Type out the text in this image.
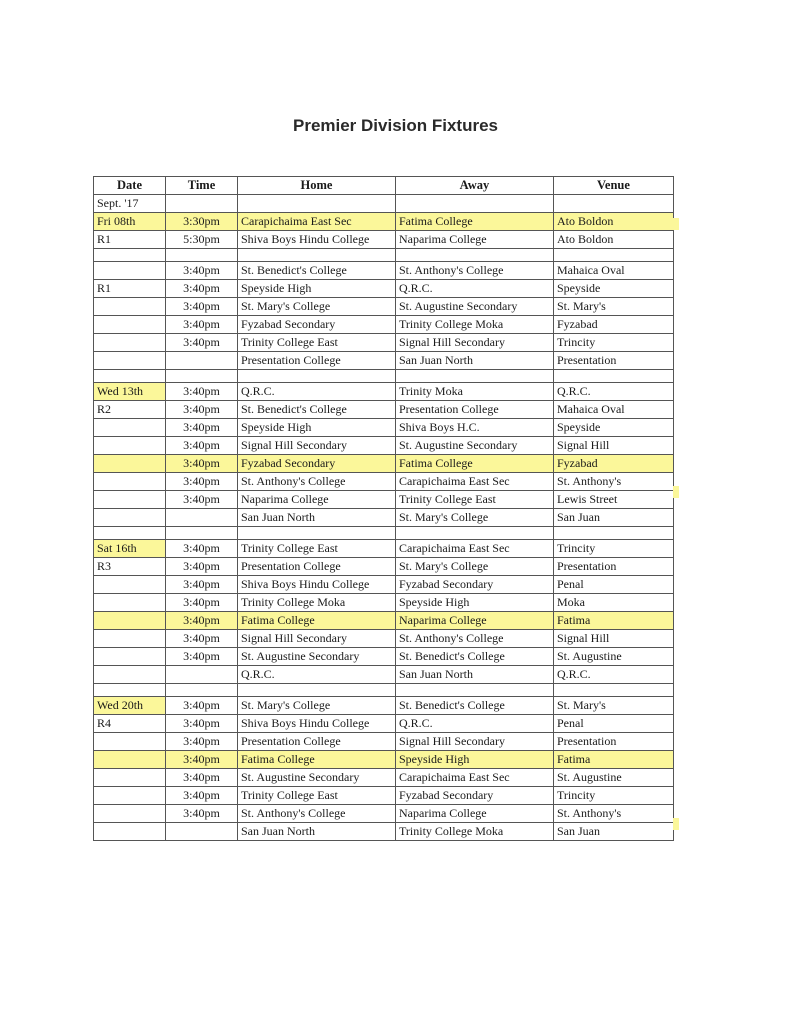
Premier Division Fixtures
Date	Time	Home	Away	Venue
Sept. '17				
Fri 08th	3:30pm	Carapichaima East Sec	Fatima College	Ato Boldon
R1	5:30pm	Shiva Boys Hindu College	Naparima College	Ato Boldon

	3:40pm	St. Benedict's College	St. Anthony's College	Mahaica Oval
R1	3:40pm	Speyside High	Q.R.C.	Speyside
	3:40pm	St. Mary's College	St. Augustine Secondary	St. Mary's
	3:40pm	Fyzabad Secondary	Trinity College Moka	Fyzabad
	3:40pm	Trinity College East	Signal Hill Secondary	Trincity
		Presentation College	San Juan North	Presentation

Wed 13th	3:40pm	Q.R.C.	Trinity Moka	Q.R.C.
R2	3:40pm	St. Benedict's College	Presentation College	Mahaica Oval
	3:40pm	Speyside High	Shiva Boys H.C.	Speyside
	3:40pm	Signal Hill Secondary	St. Augustine Secondary	Signal Hill
	3:40pm	Fyzabad Secondary	Fatima College	Fyzabad
	3:40pm	St. Anthony's College	Carapichaima East Sec	St. Anthony's
	3:40pm	Naparima College	Trinity College East	Lewis Street
		San Juan North	St. Mary's College	San Juan

Sat 16th	3:40pm	Trinity College East	Carapichaima East Sec	Trincity
R3	3:40pm	Presentation College	St. Mary's College	Presentation
	3:40pm	Shiva Boys Hindu College	Fyzabad Secondary	Penal
	3:40pm	Trinity College Moka	Speyside High	Moka
	3:40pm	Fatima College	Naparima College	Fatima
	3:40pm	Signal Hill Secondary	St. Anthony's College	Signal Hill
	3:40pm	St. Augustine Secondary	St. Benedict's College	St. Augustine
		Q.R.C.	San Juan North	Q.R.C.

Wed 20th	3:40pm	St. Mary's College	St. Benedict's College	St. Mary's
R4	3:40pm	Shiva Boys Hindu College	Q.R.C.	Penal
	3:40pm	Presentation College	Signal Hill Secondary	Presentation
	3:40pm	Fatima College	Speyside High	Fatima
	3:40pm	St. Augustine Secondary	Carapichaima East Sec	St. Augustine
	3:40pm	Trinity College East	Fyzabad Secondary	Trincity
	3:40pm	St. Anthony's College	Naparima College	St. Anthony's
		San Juan North	Trinity College Moka	San Juan
